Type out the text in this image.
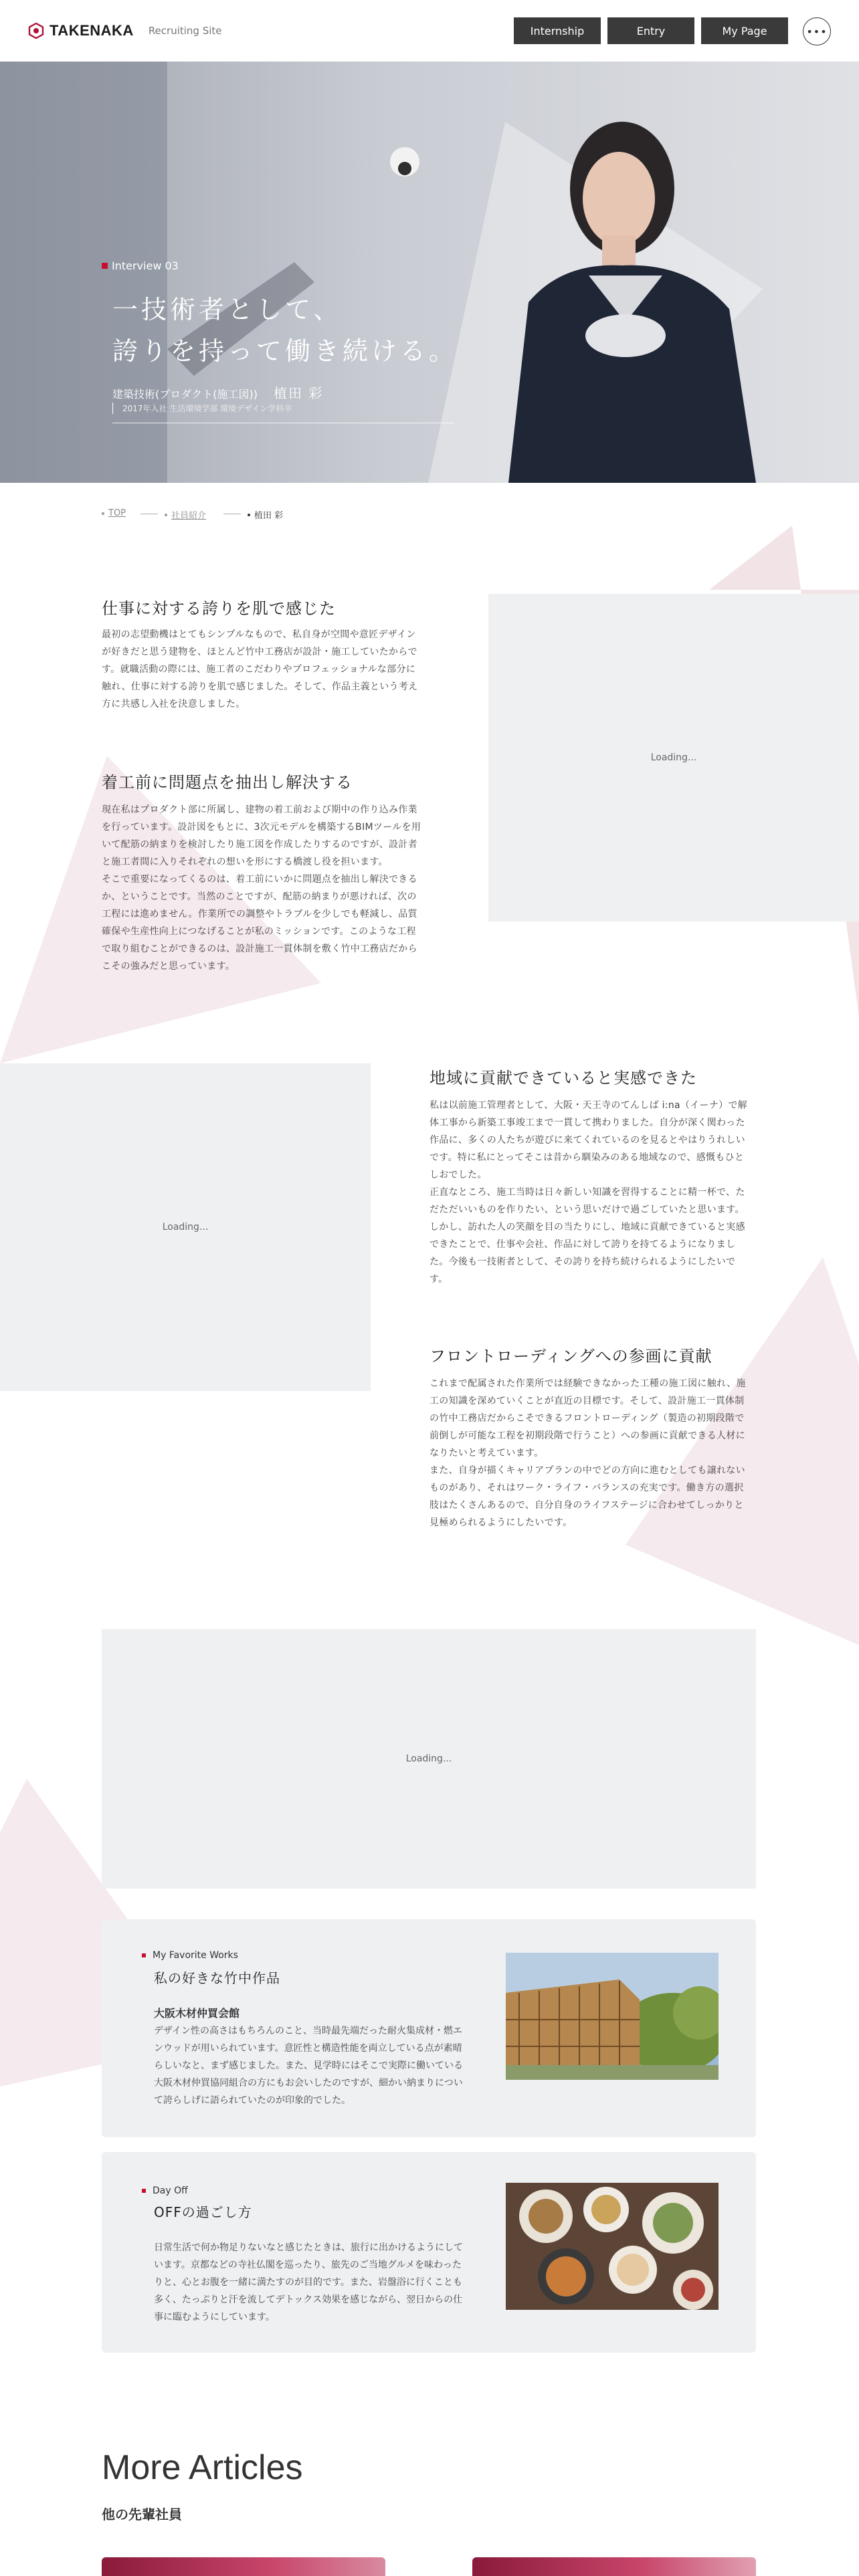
TAKENAKA Recruiting Site	Internship	Entry	My Page	•••
Interview 03
一技術者として、
誇りを持って働き続ける。
建築技術(プロダクト(施工図)) 植田 彩
2017年入社 生活環境学部 環境デザイン学科卒
TOP	社員紹介	植田 彩
仕事に対する誇りを肌で感じた
最初の志望動機はとてもシンプルなもので、私自身が空間や意匠デザインが好きだと思う建物を、ほとんど竹中工務店が設計・施工していたからです。就職活動の際には、施工者のこだわりやプロフェッショナルな部分に触れ、仕事に対する誇りを肌で感じました。そして、作品主義という考え方に共感し入社を決意しました。
Loading...
着工前に問題点を抽出し解決する
現在私はプロダクト部に所属し、建物の着工前および期中の作り込み作業を行っています。設計図をもとに、3次元モデルを構築するBIMツールを用いて配筋の納まりを検討したり施工図を作成したりするのですが、設計者と施工者間に入りそれぞれの想いを形にする橋渡し役を担います。
そこで重要になってくるのは、着工前にいかに問題点を抽出し解決できるか、ということです。当然のことですが、配筋の納まりが悪ければ、次の工程には進めません。作業所での調整やトラブルを少しでも軽減し、品質確保や生産性向上につなげることが私のミッションです。このような工程で取り組むことができるのは、設計施工一貫体制を敷く竹中工務店だからこその強みだと思っています。
Loading...
地域に貢献できていると実感できた
私は以前施工管理者として、大阪・天王寺のてんしば i:na（イーナ）で解体工事から新築工事竣工まで一貫して携わりました。自分が深く関わった作品に、多くの人たちが遊びに来てくれているのを見るとやはりうれしいです。特に私にとってそこは昔から馴染みのある地域なので、感慨もひとしおでした。
正直なところ、施工当時は日々新しい知識を習得することに精一杯で、ただただいいものを作りたい、という思いだけで過ごしていたと思います。しかし、訪れた人の笑顔を目の当たりにし、地域に貢献できていると実感できたことで、仕事や会社、作品に対して誇りを持てるようになりました。今後も一技術者として、その誇りを持ち続けられるようにしたいです。
フロントローディングへの参画に貢献
これまで配属された作業所では経験できなかった工種の施工図に触れ、施工の知識を深めていくことが直近の目標です。そして、設計施工一貫体制の竹中工務店だからこそできるフロントローディング（製造の初期段階で前倒しが可能な工程を初期段階で行うこと）への参画に貢献できる人材になりたいと考えています。
また、自身が描くキャリアプランの中でどの方向に進むとしても譲れないものがあり、それはワーク・ライフ・バランスの充実です。働き方の選択肢はたくさんあるので、自分自身のライフステージに合わせてしっかりと見極められるようにしたいです。
Loading...
My Favorite Works
私の好きな竹中作品
大阪木材仲買会館
デザイン性の高さはもちろんのこと、当時最先端だった耐火集成材・燃エンウッドが用いられています。意匠性と構造性能を両立している点が素晴らしいなと、まず感じました。また、見学時にはそこで実際に働いている大阪木材仲買協同組合の方にもお会いしたのですが、細かい納まりについて誇らしげに語られていたのが印象的でした。
Day Off
OFFの過ごし方
日常生活で何か物足りないなと感じたときは、旅行に出かけるようにしています。京都などの寺社仏閣を巡ったり、旅先のご当地グルメを味わったりと、心とお腹を一緒に満たすのが目的です。また、岩盤浴に行くことも多く、たっぷりと汗を流してデトックス効果を感じながら、翌日からの仕事に臨むようにしています。
More Articles
他の先輩社員
